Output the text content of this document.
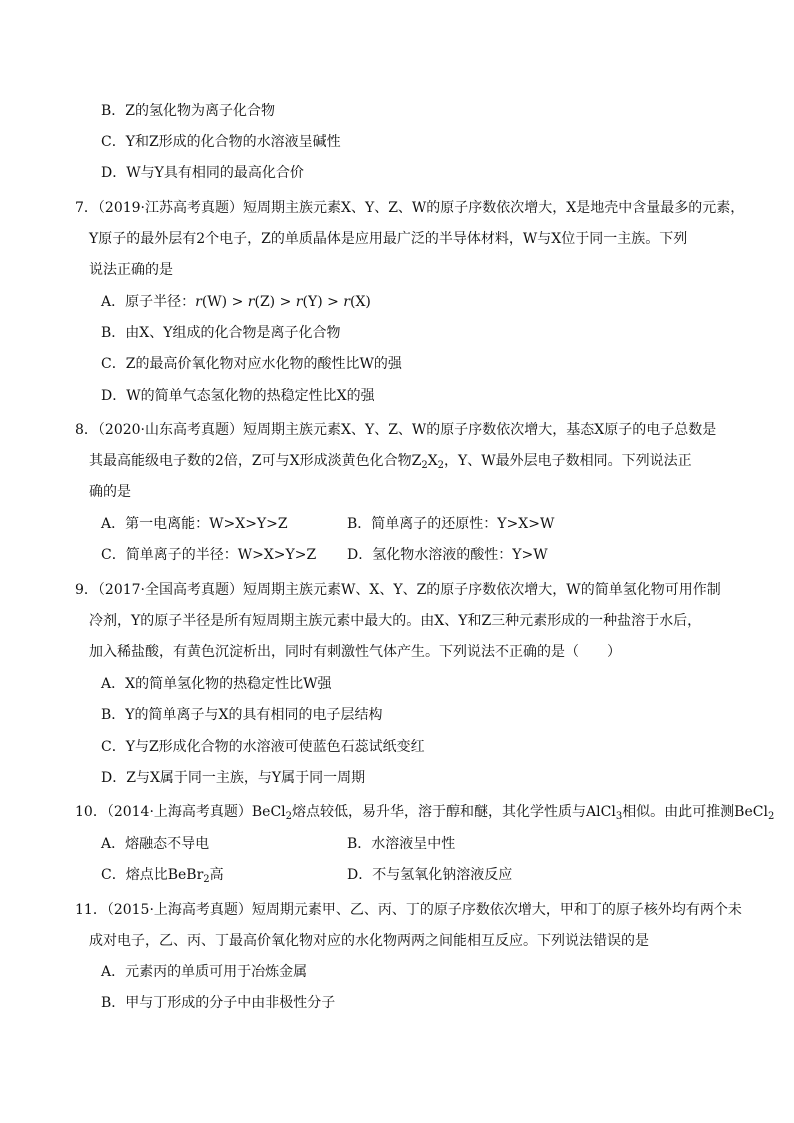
B．Z的氢化物为离子化合物
C．Y和Z形成的化合物的水溶液呈碱性
D．W与Y具有相同的最高化合价
7．（2019·江苏高考真题）短周期主族元素X、Y、Z、W的原子序数依次增大，X是地壳中含量最多的元素，
Y原子的最外层有2个电子，Z的单质晶体是应用最广泛的半导体材料，W与X位于同一主族。下列
说法正确的是
A．原子半径：r(W) > r(Z) > r(Y) > r(X)
B．由X、Y组成的化合物是离子化合物
C．Z的最高价氧化物对应水化物的酸性比W的强
D．W的简单气态氢化物的热稳定性比X的强
8．（2020·山东高考真题）短周期主族元素X、Y、Z、W的原子序数依次增大，基态X原子的电子总数是
其最高能级电子数的2倍，Z可与X形成淡黄色化合物$Z_2X_2$，Y、W最外层电子数相同。下列说法正
确的是
A．第一电离能：W>X>Y>Z	B．简单离子的还原性：Y>X>W
C．简单离子的半径：W>X>Y>Z D．氢化物水溶液的酸性：Y>W
9．（2017·全国高考真题）短周期主族元素W、X、Y、Z的原子序数依次增大，W的简单氢化物可用作制
冷剂，Y的原子半径是所有短周期主族元素中最大的。由X、Y和Z三种元素形成的一种盐溶于水后，
加入稀盐酸，有黄色沉淀析出，同时有刺激性气体产生。下列说法不正确的是（　　）
A．X的简单氢化物的热稳定性比W强
B．Y的简单离子与X的具有相同的电子层结构
C．Y与Z形成化合物的水溶液可使蓝色石蕊试纸变红
D．Z与X属于同一主族，与Y属于同一周期
10．（2014·上海高考真题）BeCl$_2$熔点较低，易升华，溶于醇和醚，其化学性质与AlCl$_3$相似。由此可推测BeCl$_2$
A．熔融态不导电	B．水溶液呈中性
C．熔点比BeBr$_2$高	D．不与氢氧化钠溶液反应
11．（2015·上海高考真题）短周期元素甲、乙、丙、丁的原子序数依次增大，甲和丁的原子核外均有两个未
成对电子，乙、丙、丁最高价氧化物对应的水化物两两之间能相互反应。下列说法错误的是
A．元素丙的单质可用于冶炼金属
B．甲与丁形成的分子中由非极性分子
